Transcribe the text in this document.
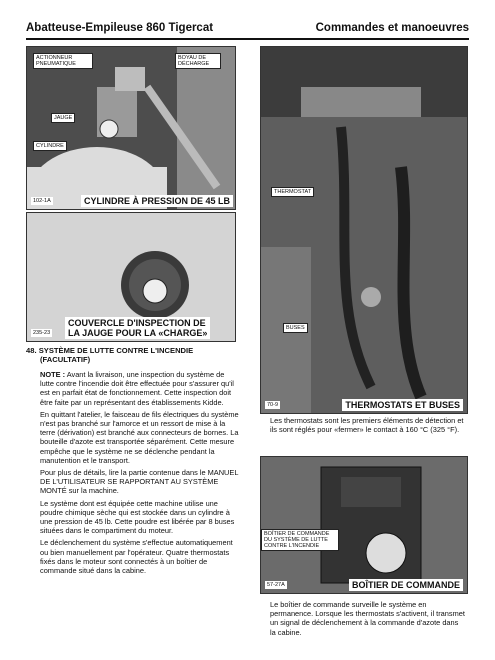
Abatteuse-Empileuse 860 Tigercat	Commandes et manoeuvres
ACTIONNEUR PNEUMATIQUE
BOYAU DE DÉCHARGE
JAUGE
CYLINDRE
102-1A	CYLINDRE À PRESSION DE 45 LB
235-23
COUVERCLE D'INSPECTION DE
LA JAUGE POUR LA «CHARGE»
THERMOSTAT
BUSES
70-9	THERMOSTATS ET BUSES

Les thermostats sont les premiers éléments de détection et ils sont réglés pour «fermer» le contact à 160 °C (325 °F).

BOÎTIER DE COMMANDE DU SYSTÈME DE LUTTE CONTRE L'INCENDIE
57-27A	BOÎTIER DE COMMANDE

Le boîtier de commande surveille le système en permanence. Lorsque les thermostats s'activent, il transmet un signal de déclenchement à la commande d'azote dans la cabine.

48. SYSTÈME DE LUTTE CONTRE L'INCENDIE
(FACULTATIF)

NOTE : Avant la livraison, une inspection du système de lutte contre l'incendie doit être effectuée pour s'assurer qu'il est en parfait état de fonctionnement. Cette inspection doit être faite par un représentant des établissements Kidde.

En quittant l'atelier, le faisceau de fils électriques du système n'est pas branché sur l'amorce et un ressort de mise à la terre (dérivation) est branché aux connecteurs de bornes. La bouteille d'azote est transportée séparément. Cette mesure empêche que le système ne se déclenche pendant la manutention et le transport.

Pour plus de détails, lire la partie contenue dans le MANUEL DE L'UTILISATEUR SE RAPPORTANT AU SYSTÈME MONTÉ sur la machine.

Le système dont est équipée cette machine utilise une poudre chimique sèche qui est stockée dans un cylindre à une pression de 45 lb. Cette poudre est libérée par 8 buses situées dans le compartiment du moteur.

Le déclenchement du système s'effectue automatiquement ou bien manuellement par l'opérateur. Quatre thermostats fixés dans le moteur sont connectés à un boîtier de commande situé dans la cabine.
